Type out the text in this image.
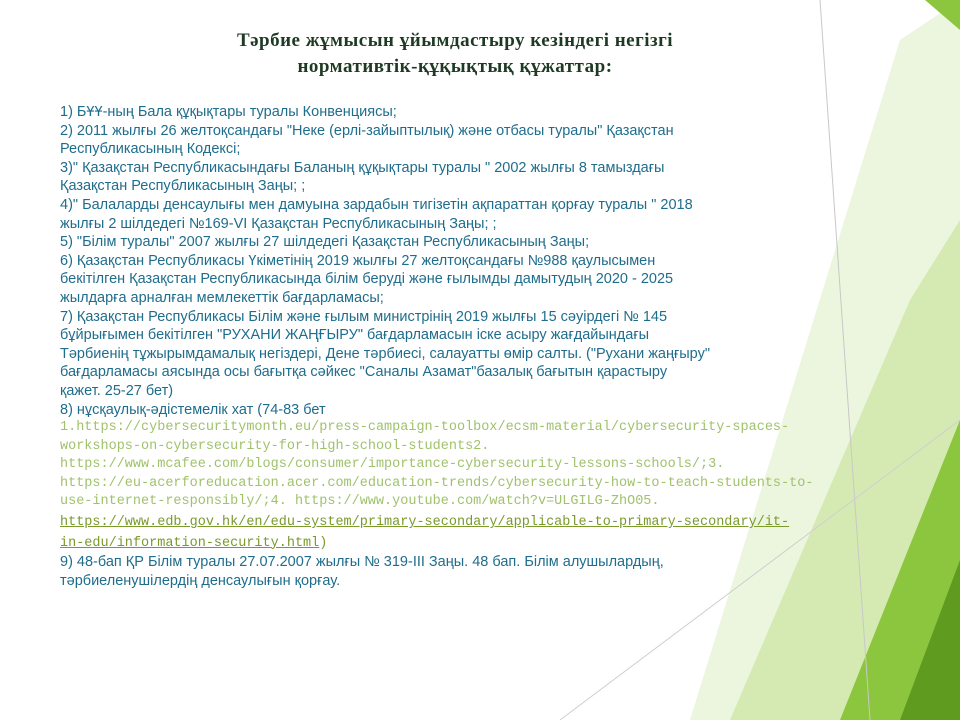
Тәрбие жұмысын ұйымдастыру кезіндегі негізгі
нормативтік-құқықтық құжаттар:
1) БҰҰ-ның Бала құқықтары туралы Конвенциясы;
2) 2011 жылғы 26 желтоқсандағы "Неке (ерлі-зайыптылық) және отбасы туралы" Қазақстан
Республикасының Кодексі;
3)" Қазақстан Республикасындағы Баланың құқықтары туралы " 2002 жылғы 8 тамыздағы
Қазақстан Республикасының Заңы; ;
4)" Балаларды денсаулығы мен дамуына зардабын тигізетін ақпараттан қорғау туралы " 2018
жылғы 2 шілдедегі №169-VI Қазақстан Республикасының Заңы; ;
5) "Білім туралы" 2007 жылғы 27 шілдедегі Қазақстан Республикасының Заңы;
6) Қазақстан Республикасы Үкіметінің 2019 жылғы 27 желтоқсандағы №988 қаулысымен
бекітілген Қазақстан Республикасында білім беруді және ғылымды дамытудың 2020 - 2025
жылдарға арналған мемлекеттік бағдарламасы;
7) Қазақстан Республикасы Білім және ғылым министрінің 2019 жылғы 15 сәуірдегі № 145
бұйрығымен бекітілген "РУХАНИ ЖАҢҒЫРУ" бағдарламасын іске асыру жағдайындағы
Тәрбиенің тұжырымдамалық негіздері, Дене тәрбиесі, салауатты өмір салты. ("Рухани жаңғыру"
бағдарламасы аясында осы бағытқа сәйкес "Саналы Азамат"базалық бағытын қарастыру
қажет. 25-27 бет)
8) нұсқаулық-әдістемелік хат (74-83 бет
1.https://cybersecuritymonth.eu/press-campaign-toolbox/ecsm-material/cybersecurity-spaces-
workshops-on-cybersecurity-for-high-school-students2.
https://www.mcafee.com/blogs/consumer/importance-cybersecurity-lessons-schools/;3.
https://eu-acerforeducation.acer.com/education-trends/cybersecurity-how-to-teach-students-to-
use-internet-responsibly/;4. https://www.youtube.com/watch?v=ULGILG-ZhO05.
https://www.edb.gov.hk/en/edu-system/primary-secondary/applicable-to-primary-secondary/it-
in-edu/information-security.html)
9) 48-бап ҚР Білім туралы 27.07.2007 жылғы № 319-ІІІ Заңы. 48 бап. Білім алушылардың,
тәрбиеленушілердің денсаулығын қорғау.
